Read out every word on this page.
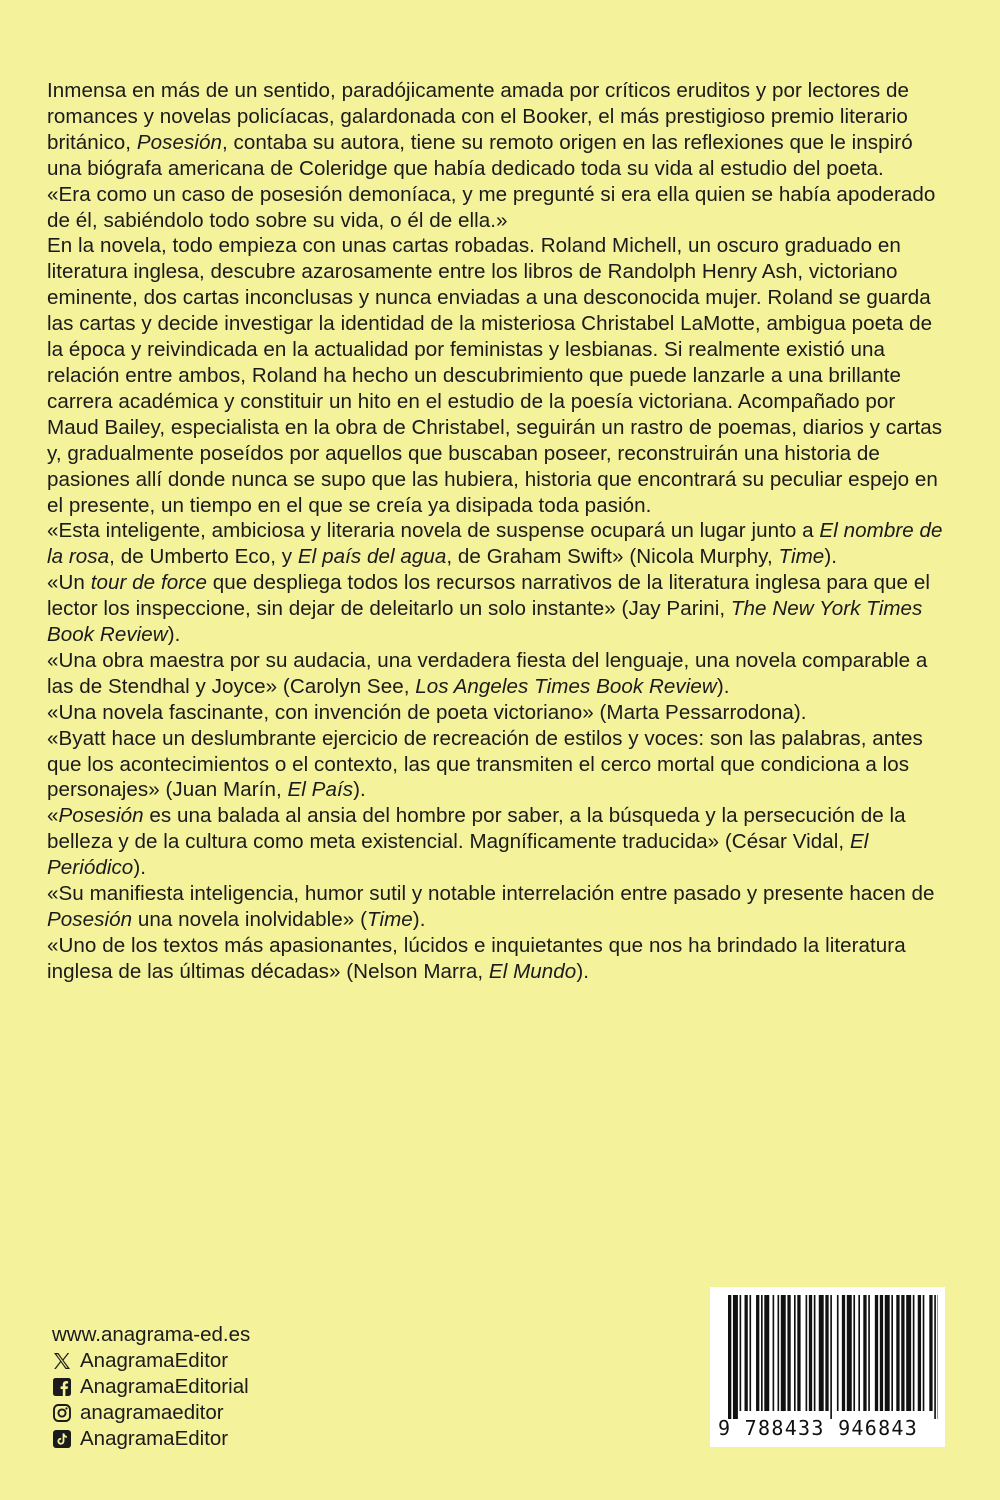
Inmensa en más de un sentido, paradójicamente amada por críticos eruditos y por lectores de romances y novelas policíacas, galardonada con el Booker, el más prestigioso premio literario británico, Posesión, contaba su autora, tiene su remoto origen en las reflexiones que le inspiró una biógrafa americana de Coleridge que había dedicado toda su vida al estudio del poeta.

«Era como un caso de posesión demoníaca, y me pregunté si era ella quien se había apoderado de él, sabiéndolo todo sobre su vida, o él de ella.»

En la novela, todo empieza con unas cartas robadas. Roland Michell, un oscuro graduado en literatura inglesa, descubre azarosamente entre los libros de Randolph Henry Ash, victoriano eminente, dos cartas inconclusas y nunca enviadas a una desconocida mujer. Roland se guarda las cartas y decide investigar la identidad de la misteriosa Christabel LaMotte, ambigua poeta de la época y reivindicada en la actualidad por feministas y lesbianas. Si realmente existió una relación entre ambos, Roland ha hecho un descubrimiento que puede lanzarle a una brillante carrera académica y constituir un hito en el estudio de la poesía victoriana. Acompañado por Maud Bailey, especialista en la obra de Christabel, seguirán un rastro de poemas, diarios y cartas y, gradualmente poseídos por aquellos que buscaban poseer, reconstruirán una historia de pasiones allí donde nunca se supo que las hubiera, historia que encontrará su peculiar espejo en el presente, un tiempo en el que se creía ya disipada toda pasión.

«Esta inteligente, ambiciosa y literaria novela de suspense ocupará un lugar junto a El nombre de la rosa, de Umberto Eco, y El país del agua, de Graham Swift» (Nicola Murphy, Time).

«Un tour de force que despliega todos los recursos narrativos de la literatura inglesa para que el lector los inspeccione, sin dejar de deleitarlo un solo instante» (Jay Parini, The New York Times Book Review).

«Una obra maestra por su audacia, una verdadera fiesta del lenguaje, una novela comparable a las de Stendhal y Joyce» (Carolyn See, Los Angeles Times Book Review).

«Una novela fascinante, con invención de poeta victoriano» (Marta Pessarrodona).

«Byatt hace un deslumbrante ejercicio de recreación de estilos y voces: son las palabras, antes que los acontecimientos o el contexto, las que transmiten el cerco mortal que condiciona a los personajes» (Juan Marín, El País).

«Posesión es una balada al ansia del hombre por saber, a la búsqueda y la persecución de la belleza y de la cultura como meta existencial. Magníficamente traducida» (César Vidal, El Periódico).

«Su manifiesta inteligencia, humor sutil y notable interrelación entre pasado y presente hacen de Posesión una novela inolvidable» (Time).

«Uno de los textos más apasionantes, lúcidos e inquietantes que nos ha brindado la literatura inglesa de las últimas décadas» (Nelson Marra, El Mundo).

www.anagrama-ed.es
AnagramaEditor
AnagramaEditorial
anagramaeditor
AnagramaEditor	9 788433 946843
